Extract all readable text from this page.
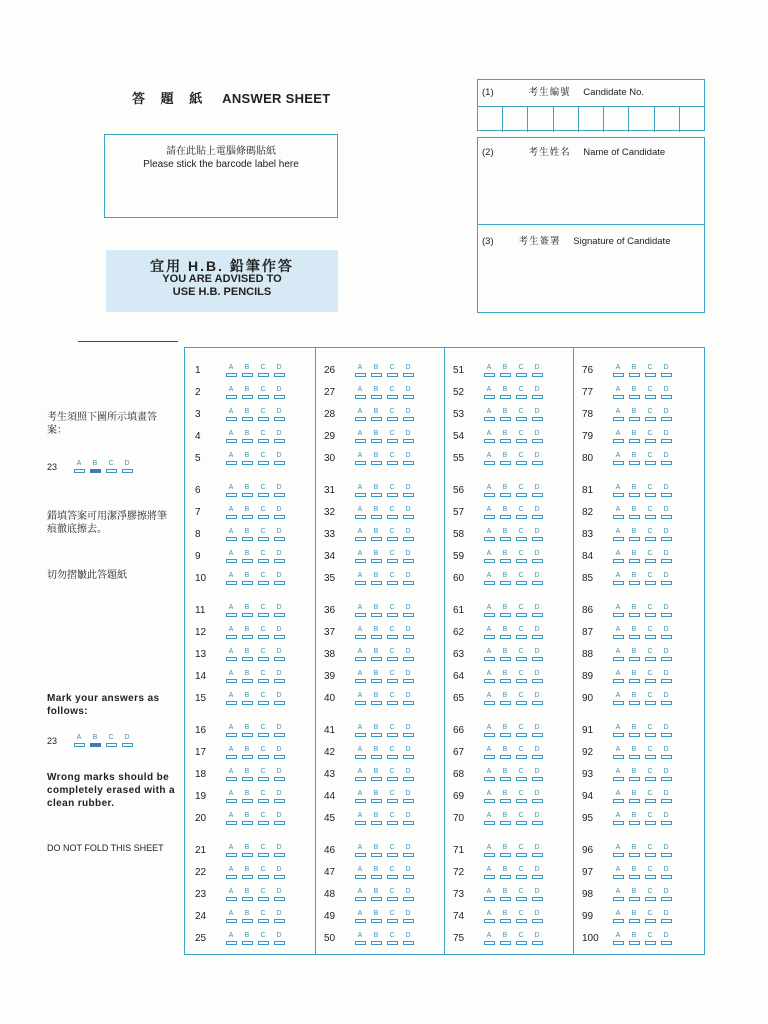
答 題 紙 ANSWER SHEET
請在此貼上電腦條碼貼紙
Please stick the barcode label here
宜用 H.B. 鉛筆作答
YOU ARE ADVISED TO
USE H.B. PENCILS
(1)	考生編號 Candidate No.
(2)	考生姓名 Name of Candidate
(3)	考生簽署 Signature of Candidate
考生須照下圖所示填畫答案：
23	A	B	C	D
錯填答案可用潔淨膠擦將筆痕徹底擦去。
切勿摺皺此答題紙
Mark your answers as follows:
23	A	B	C	D
Wrong marks should be completely erased with a clean rubber.
DO NOT FOLD THIS SHEET
1	A	B	C	D
2	A	B	C	D
3	A	B	C	D
4	A	B	C	D
5	A	B	C	D
6	A	B	C	D
7	A	B	C	D
8	A	B	C	D
9	A	B	C	D
10	A	B	C	D
11	A	B	C	D
12	A	B	C	D
13	A	B	C	D
14	A	B	C	D
15	A	B	C	D
16	A	B	C	D
17	A	B	C	D
18	A	B	C	D
19	A	B	C	D
20	A	B	C	D
21	A	B	C	D
22	A	B	C	D
23	A	B	C	D
24	A	B	C	D
25	A	B	C	D
26	A	B	C	D
27	A	B	C	D
28	A	B	C	D
29	A	B	C	D
30	A	B	C	D
31	A	B	C	D
32	A	B	C	D
33	A	B	C	D
34	A	B	C	D
35	A	B	C	D
36	A	B	C	D
37	A	B	C	D
38	A	B	C	D
39	A	B	C	D
40	A	B	C	D
41	A	B	C	D
42	A	B	C	D
43	A	B	C	D
44	A	B	C	D
45	A	B	C	D
46	A	B	C	D
47	A	B	C	D
48	A	B	C	D
49	A	B	C	D
50	A	B	C	D
51	A	B	C	D
52	A	B	C	D
53	A	B	C	D
54	A	B	C	D
55	A	B	C	D
56	A	B	C	D
57	A	B	C	D
58	A	B	C	D
59	A	B	C	D
60	A	B	C	D
61	A	B	C	D
62	A	B	C	D
63	A	B	C	D
64	A	B	C	D
65	A	B	C	D
66	A	B	C	D
67	A	B	C	D
68	A	B	C	D
69	A	B	C	D
70	A	B	C	D
71	A	B	C	D
72	A	B	C	D
73	A	B	C	D
74	A	B	C	D
75	A	B	C	D
76	A	B	C	D
77	A	B	C	D
78	A	B	C	D
79	A	B	C	D
80	A	B	C	D
81	A	B	C	D
82	A	B	C	D
83	A	B	C	D
84	A	B	C	D
85	A	B	C	D
86	A	B	C	D
87	A	B	C	D
88	A	B	C	D
89	A	B	C	D
90	A	B	C	D
91	A	B	C	D
92	A	B	C	D
93	A	B	C	D
94	A	B	C	D
95	A	B	C	D
96	A	B	C	D
97	A	B	C	D
98	A	B	C	D
99	A	B	C	D
100	A	B	C	D
